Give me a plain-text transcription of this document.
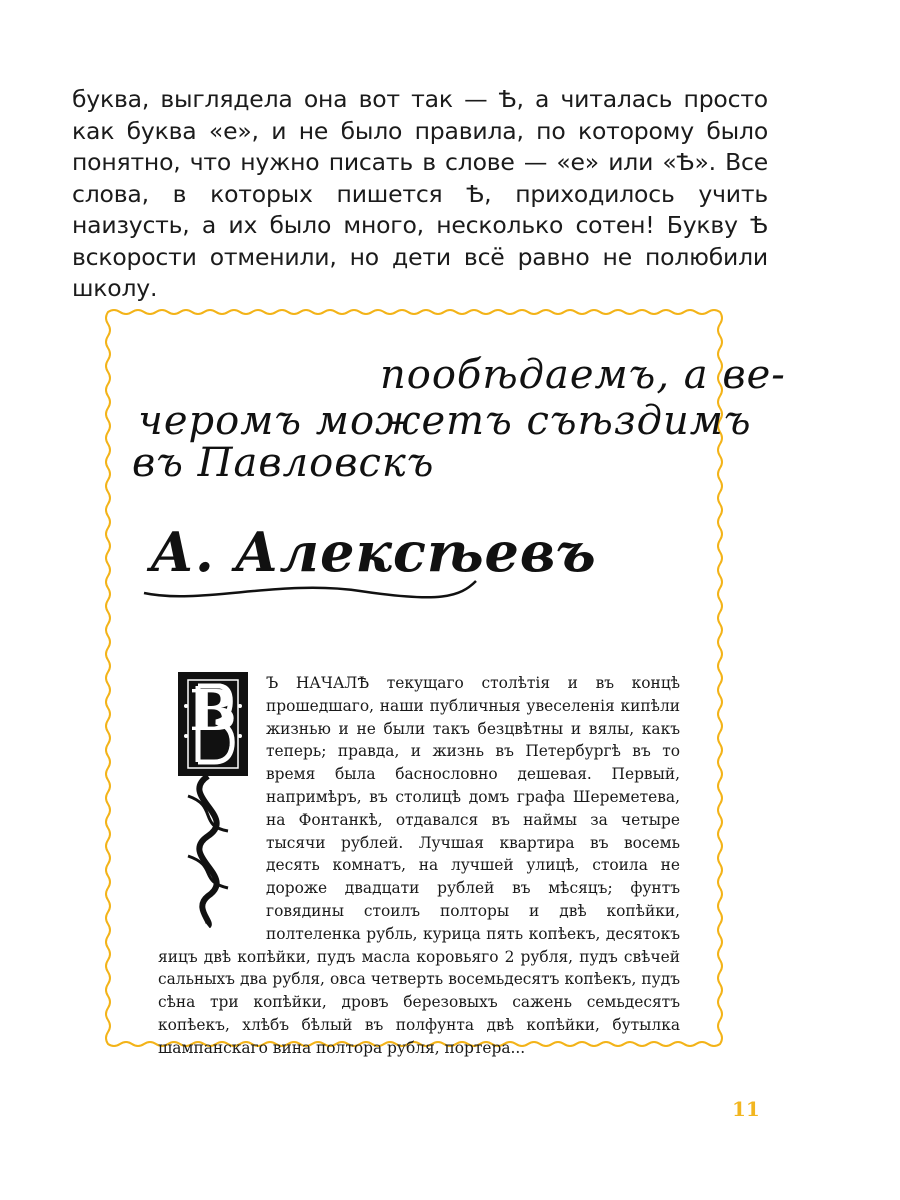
буква, выглядела она вот так — Ѣ, а читалась просто как буква «е», и не было правила, по которому было понятно, что нужно писать в слове — «е» или «Ѣ». Все слова, в которых пишется Ѣ, приходилось учить наизусть, а их было много, несколько сотен! Букву Ѣ вскорости отменили, но дети всё равно не полюбили школу.

пообѣдаемъ, а ве-
черомъ можетъ съѣздимъ
въ Павловскъ
А. Алексѣевъ
В Ъ НАЧАЛѢ текущаго столѣтія и въ концѣ прошедшаго, наши публичныя увеселенія кипѣли жизнью и не были такъ безцвѣтны и вялы, какъ теперь; правда, и жизнь въ Петербургѣ въ то время была баснословно дешевая. Первый, напримѣръ, въ столицѣ домъ графа Шереметева, на Фонтанкѣ, отдавался въ наймы за четыре тысячи рублей. Лучшая квартира въ восемь десять комнатъ, на лучшей улицѣ, стоила не дороже двадцати рублей въ мѣсяцъ; фунтъ говядины стоилъ полторы и двѣ копѣйки, полтеленка рубль, курица пять копѣекъ, десятокъ яицъ двѣ копѣйки, пудъ масла коровьяго 2 рубля, пудъ свѣчей сальныхъ два рубля, овса четверть восемьдесятъ копѣекъ, пудъ сѣна три копѣйки, дровъ березовыхъ сажень семьдесятъ копѣекъ, хлѣбъ бѣлый въ полфунта двѣ копѣйки, бутылка шампанскаго вина полтора рубля, портера...
11
